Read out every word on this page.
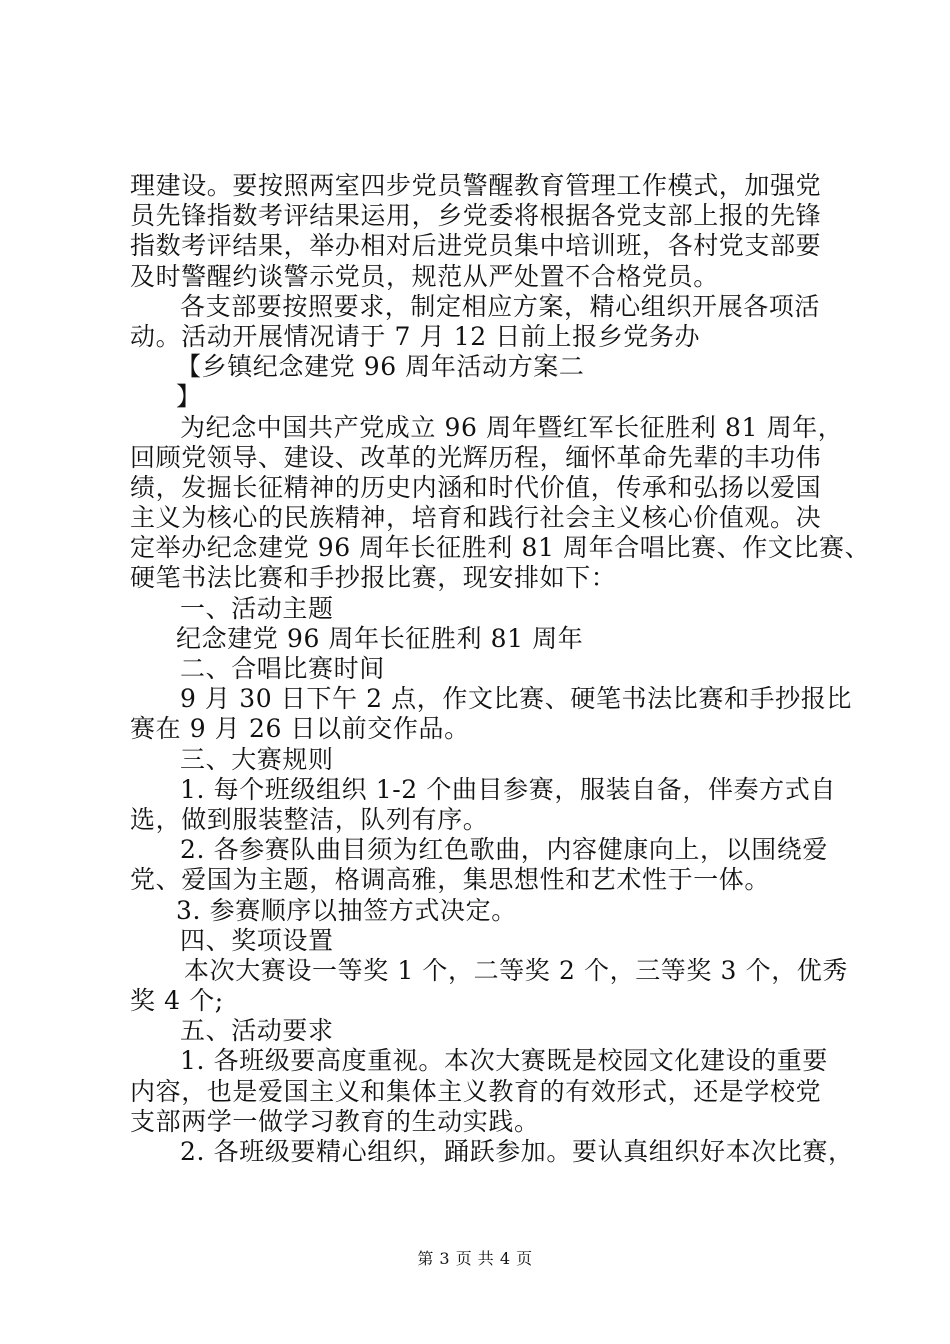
理建设。要按照两室四步党员警醒教育管理工作模式，加强党
员先锋指数考评结果运用，乡党委将根据各党支部上报的先锋
指数考评结果，举办相对后进党员集中培训班，各村党支部要
及时警醒约谈警示党员，规范从严处置不合格党员。
各支部要按照要求，制定相应方案，精心组织开展各项活
动。活动开展情况请于 7 月 12 日前上报乡党务办
【乡镇纪念建党 96 周年活动方案二
】
为纪念中国共产党成立 96 周年暨红军长征胜利 81 周年，
回顾党领导、建设、改革的光辉历程，缅怀革命先辈的丰功伟
绩，发掘长征精神的历史内涵和时代价值，传承和弘扬以爱国
主义为核心的民族精神，培育和践行社会主义核心价值观。决
定举办纪念建党 96 周年长征胜利 81 周年合唱比赛、作文比赛、
硬笔书法比赛和手抄报比赛，现安排如下：
一、活动主题
纪念建党 96 周年长征胜利 81 周年
二、合唱比赛时间
9 月 30 日下午 2 点，作文比赛、硬笔书法比赛和手抄报比
赛在 9 月 26 日以前交作品。
三、大赛规则
1. 每个班级组织 1-2 个曲目参赛，服装自备，伴奏方式自
选，做到服装整洁，队列有序。
2. 各参赛队曲目须为红色歌曲，内容健康向上，以围绕爱
党、爱国为主题，格调高雅，集思想性和艺术性于一体。
3. 参赛顺序以抽签方式决定。
四、奖项设置
本次大赛设一等奖 1 个，二等奖 2 个，三等奖 3 个，优秀
奖 4 个;
五、活动要求
1. 各班级要高度重视。本次大赛既是校园文化建设的重要
内容，也是爱国主义和集体主义教育的有效形式，还是学校党
支部两学一做学习教育的生动实践。
2. 各班级要精心组织，踊跃参加。要认真组织好本次比赛，
第 3 页 共 4 页
